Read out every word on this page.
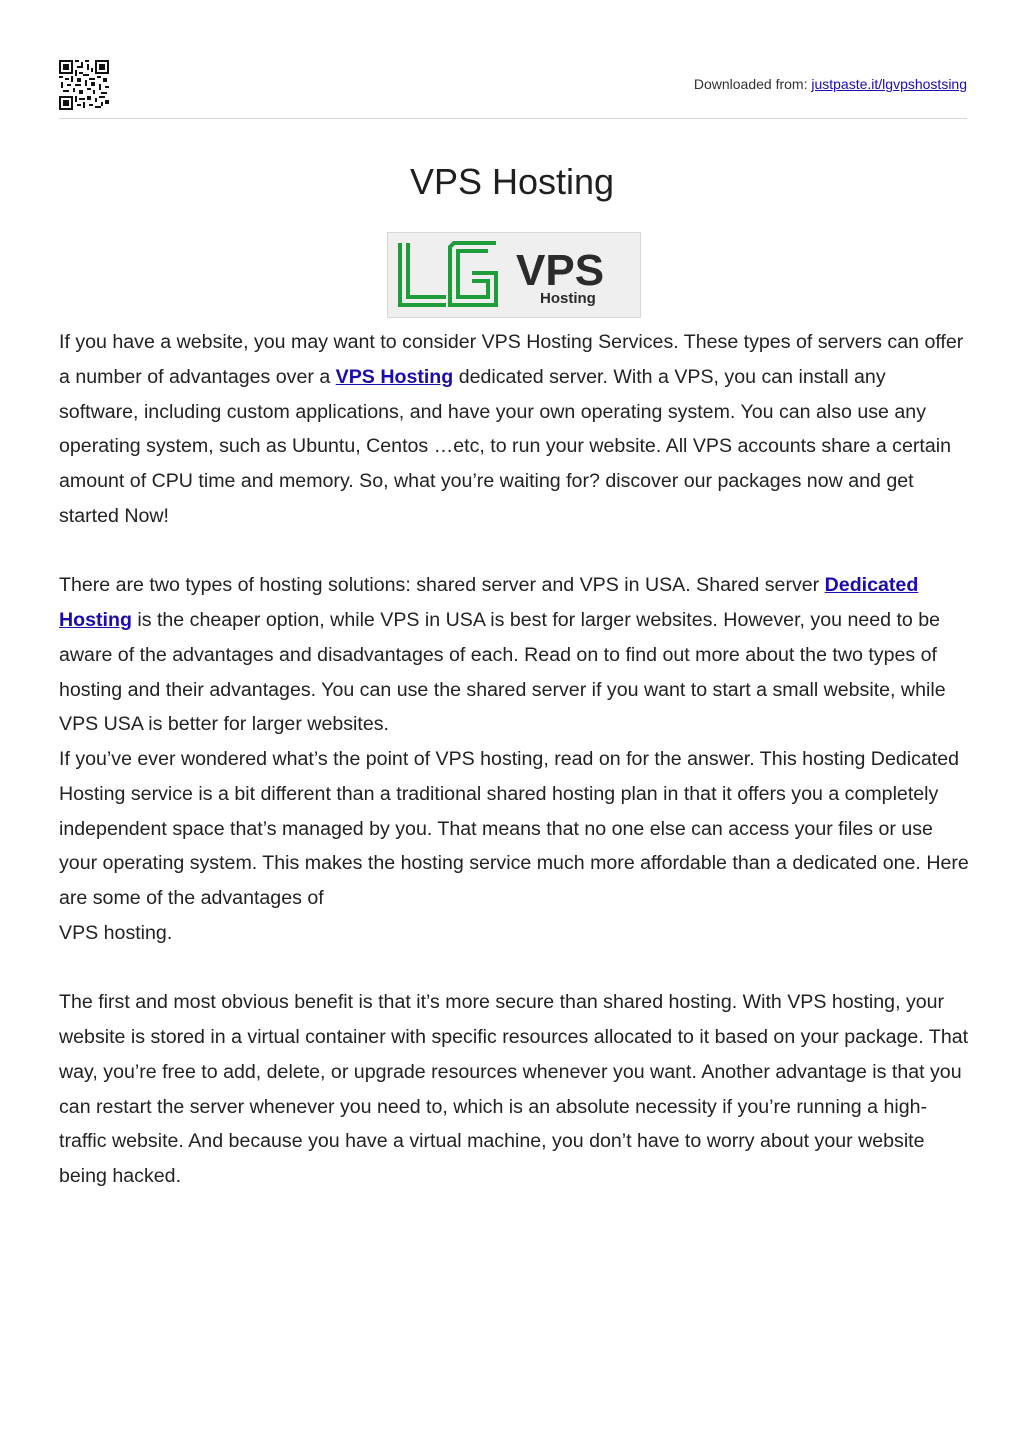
Downloaded from: justpaste.it/lgvpshostsing
VPS Hosting
VPS
Hosting

If you have a website, you may want to consider VPS Hosting Services. These types of servers can offer a number of advantages over a VPS Hosting dedicated server. With a VPS, you can install any software, including custom applications, and have your own operating system. You can also use any operating system, such as Ubuntu, Centos …etc, to run your website. All VPS accounts share a certain amount of CPU time and memory. So, what you’re waiting for? discover our packages now and get started Now!

There are two types of hosting solutions: shared server and VPS in USA. Shared server Dedicated Hosting is the cheaper option, while VPS in USA is best for larger websites. However, you need to be aware of the advantages and disadvantages of each. Read on to find out more about the two types of hosting and their advantages. You can use the shared server if you want to start a small website, while VPS USA is better for larger websites.

If you’ve ever wondered what’s the point of VPS hosting, read on for the answer. This hosting Dedicated Hosting service is a bit different than a traditional shared hosting plan in that it offers you a completely independent space that’s managed by you. That means that no one else can access your files or use your operating system. This makes the hosting service much more affordable than a dedicated one. Here are some of the advantages of

VPS hosting.

The first and most obvious benefit is that it’s more secure than shared hosting. With VPS hosting, your website is stored in a virtual container with specific resources allocated to it based on your package. That way, you’re free to add, delete, or upgrade resources whenever you want. Another advantage is that you can restart the server whenever you need to, which is an absolute necessity if you’re running a high-traffic website. And because you have a virtual machine, you don’t have to worry about your website being hacked.
